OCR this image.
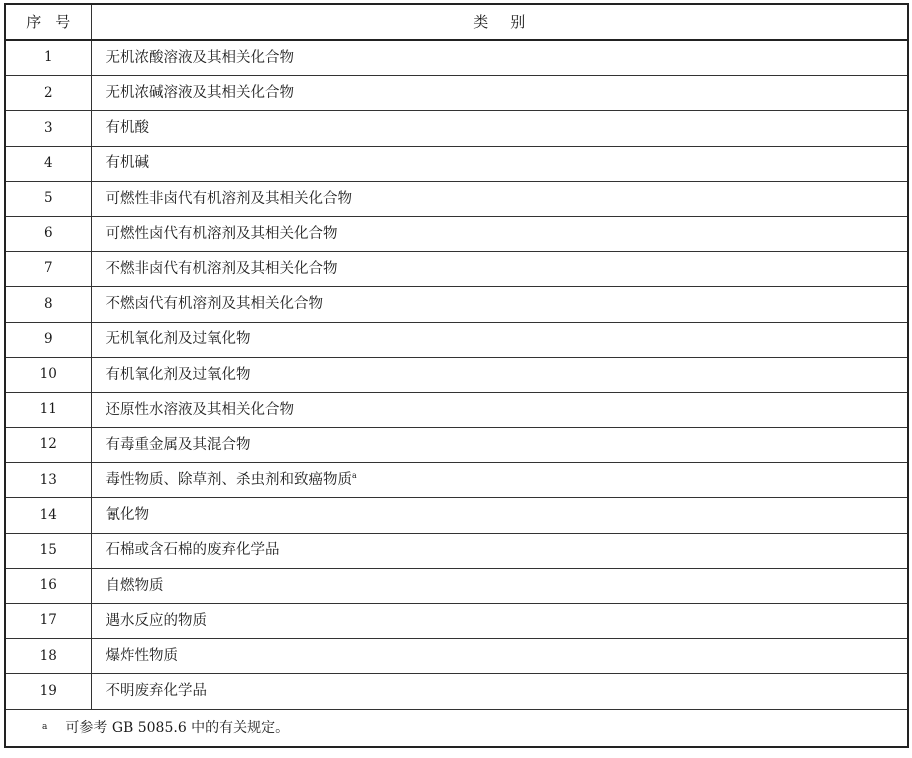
序号	类别
1	无机浓酸溶液及其相关化合物
2	无机浓碱溶液及其相关化合物
3	有机酸
4	有机碱
5	可燃性非卤代有机溶剂及其相关化合物
6	可燃性卤代有机溶剂及其相关化合物
7	不燃非卤代有机溶剂及其相关化合物
8	不燃卤代有机溶剂及其相关化合物
9	无机氧化剂及过氧化物
10	有机氧化剂及过氧化物
11	还原性水溶液及其相关化合物
12	有毒重金属及其混合物
13	毒性物质、除草剂、杀虫剂和致癌物质$^a$
14	氰化物
15	石棉或含石棉的废弃化学品
16	自燃物质
17	遇水反应的物质
18	爆炸性物质
19	不明废弃化学品
$^a$ 可参考 GB 5085.6 中的有关规定。	
